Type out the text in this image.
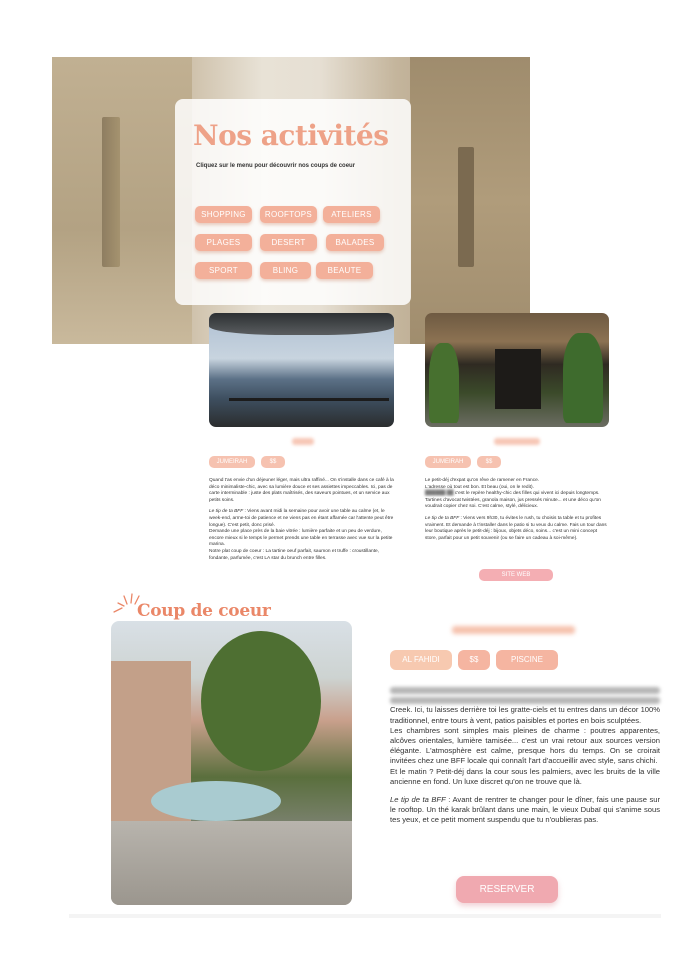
Nos activités

Cliquez sur le menu pour découvrir nos coups de coeur

SHOPPING	ROOFTOPS	ATELIERS
PLAGES	DESERT	BALADES
SPORT	BLING	BEAUTE
JUMEIRAH	$$

Quand t'as envie d'un déjeuner léger, mais ultra raffiné... On s'installe dans ce café à la déco minimaliste-chic, avec sa lumière douce et ses assiettes impeccables. Ici, pas de carte interminable : juste des plats maîtrisés, des saveurs pointues, et un service aux petits soins.

Le tip de ta BFF : Viens avant midi la semaine pour avoir une table au calme (et, le week-end, arme-toi de patience et ne viens pas en étant affamée car l'attente peut être longue). C'est petit, donc prisé.
Demande une place près de la baie vitrée : lumière parfaite et un peu de verdure, encore mieux si le temps le permet prends une table en terrasse avec vue sur la petite marina.
Notre plat coup de coeur : La tartine oeuf parfait, saumon et truffe : croustillante, fondante, parfumée, c'est LA star du brunch entre filles.

JUMEIRAH	$$

Le petit-déj d'expat qu'on rêve de ramener en France.
L'adresse où tout est bon. Et beau (oui, on le redit).
██████ ██ c'est le repère healthy-chic des filles qui vivent ici depuis longtemps. Tartines d'avocat twistées, granola maison, jus pressés minute... et une déco qu'on voudrait copier chez soi. C'est calme, stylé, délicieux.

Le tip de ta BFF : Viens vers 9h30, tu évites le rush, tu choisis ta table et tu profites vraiment. Et demande à t'installer dans le patio si tu veux du calme. Fais un tour dans leur boutique après le petit-déj : bijoux, objets déco, soins... c'est un mini concept store, parfait pour un petit souvenir (ou se faire un cadeau à soi-même).

SITE WEB
Coup de coeur
AL FAHIDI	$$	PISCINE

Creek. Ici, tu laisses derrière toi les gratte-ciels et tu entres dans un décor 100% traditionnel, entre tours à vent, patios paisibles et portes en bois sculptées.
Les chambres sont simples mais pleines de charme : poutres apparentes, alcôves orientales, lumière tamisée... c'est un vrai retour aux sources version élégante. L'atmosphère est calme, presque hors du temps. On se croirait invitées chez une BFF locale qui connaît l'art d'accueillir avec style, sans chichi.
Et le matin ? Petit-déj dans la cour sous les palmiers, avec les bruits de la ville ancienne en fond. Un luxe discret qu'on ne trouve que là.

Le tip de ta BFF : Avant de rentrer te changer pour le dîner, fais une pause sur le rooftop. Un thé karak brûlant dans une main, le vieux Dubaï qui s'anime sous tes yeux, et ce petit moment suspendu que tu n'oublieras pas.

RESERVER
